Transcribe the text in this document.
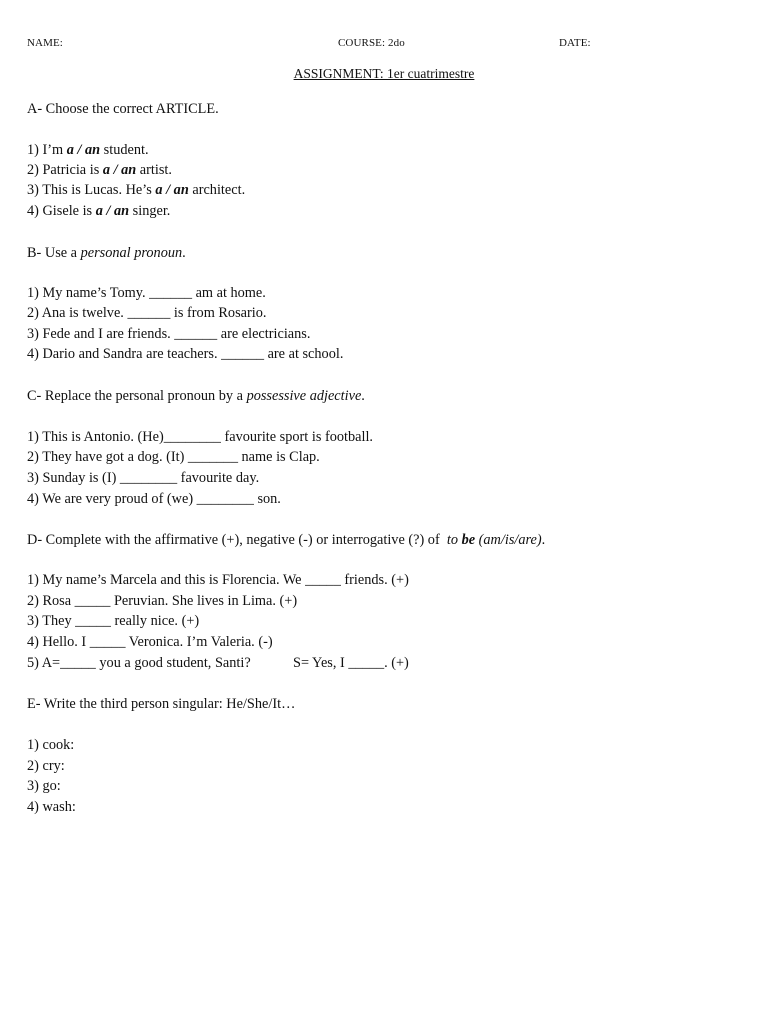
NAME:	COURSE: 2do	DATE:
ASSIGNMENT: 1er cuatrimestre
A- Choose the correct ARTICLE.
1) I’m a / an student.
2) Patricia is a / an artist.
3) This is Lucas. He’s a / an architect.
4) Gisele is a / an singer.
B- Use a personal pronoun.
1) My name’s Tomy. ______ am at home.
2) Ana is twelve. ______ is from Rosario.
3) Fede and I are friends. ______ are electricians.
4) Dario and Sandra are teachers. ______ are at school.
C- Replace the personal pronoun by a possessive adjective.
1) This is Antonio. (He)________ favourite sport is football.
2) They have got a dog. (It) _______ name is Clap.
3) Sunday is (I) ________ favourite day.
4) We are very proud of (we) ________ son.
D- Complete with the affirmative (+), negative (-) or interrogative (?) of  to be (am/is/are).
1) My name’s Marcela and this is Florencia. We _____ friends. (+)
2) Rosa _____ Peruvian. She lives in Lima. (+)
3) They _____ really nice. (+)
4) Hello. I _____ Veronica. I’m Valeria. (-)
5) A=_____ you a good student, Santi?	S= Yes, I _____. (+)
E- Write the third person singular: He/She/It…
1) cook:
2) cry:
3) go:
4) wash:
